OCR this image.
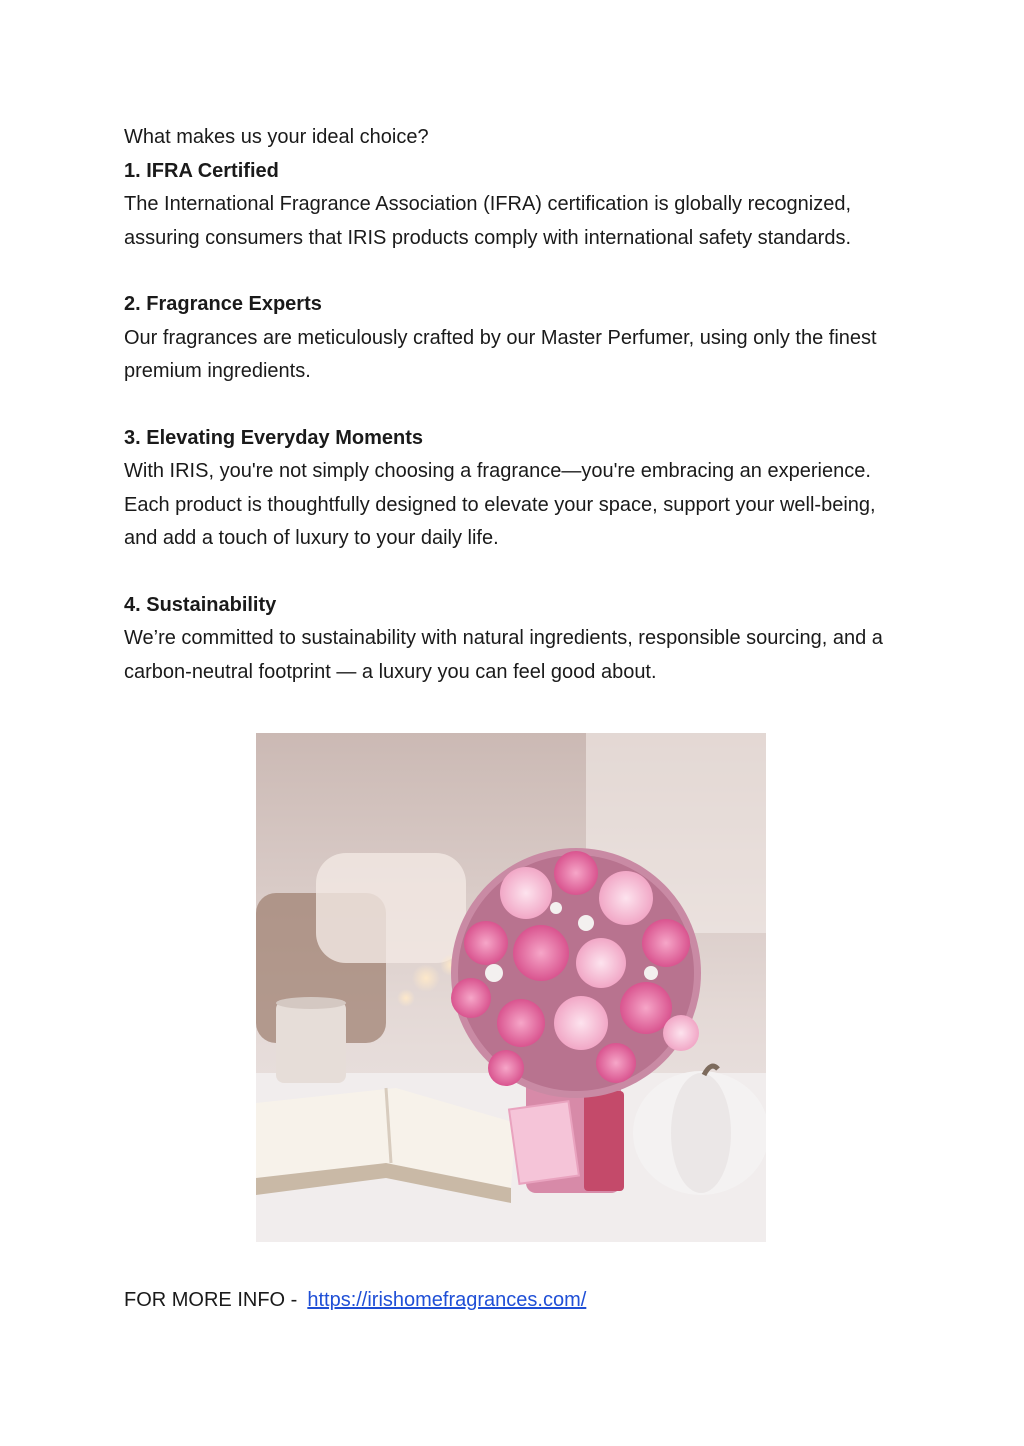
What makes us your ideal choice?

1. IFRA Certified

The International Fragrance Association (IFRA) certification is globally recognized, assuring consumers that IRIS products comply with international safety standards.

2. Fragrance Experts

Our fragrances are meticulously crafted by our Master Perfumer, using only the finest premium ingredients.

3. Elevating Everyday Moments

With IRIS, you're not simply choosing a fragrance—you're embracing an experience. Each product is thoughtfully designed to elevate your space, support your well-being, and add a touch of luxury to your daily life.

4. Sustainability

We’re committed to sustainability with natural ingredients, responsible sourcing, and a carbon-neutral footprint — a luxury you can feel good about.

FOR MORE INFO - https://irishomefragrances.com/
